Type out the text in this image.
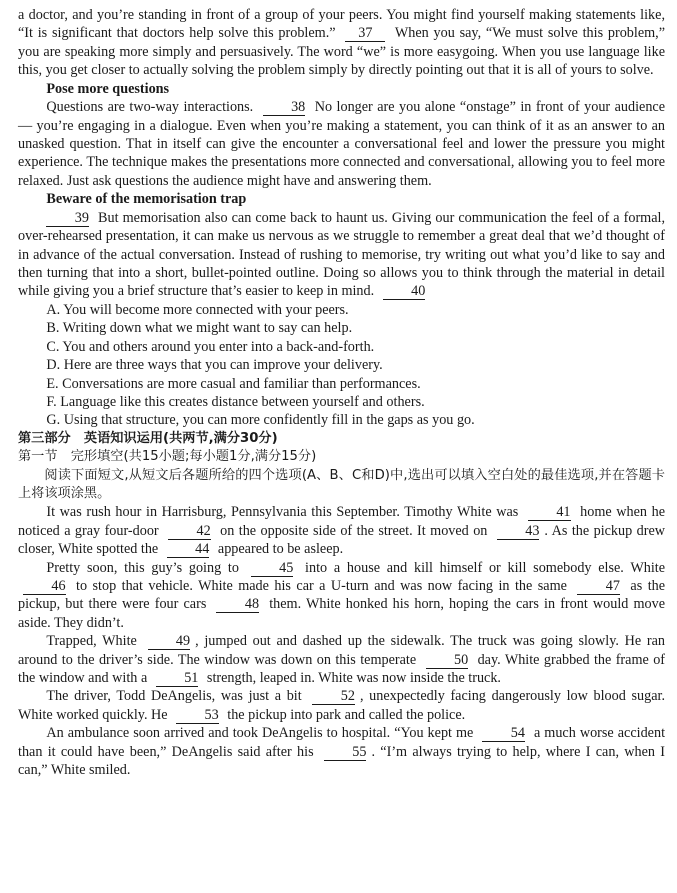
a doctor, and you’re standing in front of a group of your peers. You might find yourself making statements like, “It is significant that doctors help solve this problem.” 37 When you say, “We must solve this problem,” you are speaking more simply and persuasively. The word “we” is more easygoing. When you use language like this, you get closer to actually solving the problem simply by directly pointing out that it is all of yours to solve.

Pose more questions

Questions are two-way interactions.	38 No longer are you alone “onstage” in front of your audience — you’re engaging in a dialogue. Even when you’re making a statement, you can think of it as an answer to an unasked question. That in itself can give the encounter a conversational feel and lower the pressure you might experience. The technique makes the presentations more connected and conversational, allowing you to feel more relaxed. Just ask questions the audience might have and answering them.

Beware of the memorisation trap

39 But memorisation also can come back to haunt us. Giving our communication the feel of a formal, over-rehearsed presentation, it can make us nervous as we struggle to remember a great deal that we’d thought of in advance of the actual conversation. Instead of rushing to memorise, try writing out what you’d like to say and then turning that into a short, bullet-pointed outline. Doing so allows you to think through the material in detail while giving you a brief structure that’s easier to keep in mind.	40

A. You will become more connected with your peers.

B. Writing down what we might want to say can help.

C. You and others around you enter into a back-and-forth.

D. Here are three ways that you can improve your delivery.

E. Conversations are more casual and familiar than performances.

F. Language like this creates distance between yourself and others.

G. Using that structure, you can more confidently fill in the gaps as you go.

第三部分　英语知识运用(共两节,满分30分)

第一节　完形填空(共15小题;每小题1分,满分15分)

阅读下面短文,从短文后各题所给的四个选项(A、B、C和D)中,选出可以填入空白处的最佳选项,并在答题卡上将该项涂黑。

It was rush hour in Harrisburg, Pennsylvania this September. Timothy White was	41 home when he noticed a gray four-door	42 on the opposite side of the street. It moved on	43 . As the pickup drew closer, White spotted the	44 appeared to be asleep.

Pretty soon, this guy’s going to	45 into a house and kill himself or kill somebody else. White 46 to stop that vehicle. White made his car a U-turn and was now facing in the same	47 as the pickup, but there were four cars	48 them. White honked his horn, hoping the cars in front would move aside. They didn’t.

Trapped, White	49 , jumped out and dashed up the sidewalk. The truck was going slowly. He ran around to the driver’s side. The window was down on this temperate	50 day. White grabbed the frame of the window and with a	51 strength, leaped in. White was now inside the truck.

The driver, Todd DeAngelis, was just a bit	52 , unexpectedly facing dangerously low blood sugar. White worked quickly. He	53 the pickup into park and called the police.

An ambulance soon arrived and took DeAngelis to hospital. “You kept me	54 a much worse accident than it could have been,” DeAngelis said after his	55 . “I’m always trying to help, where I can, when I can,” White smiled.
